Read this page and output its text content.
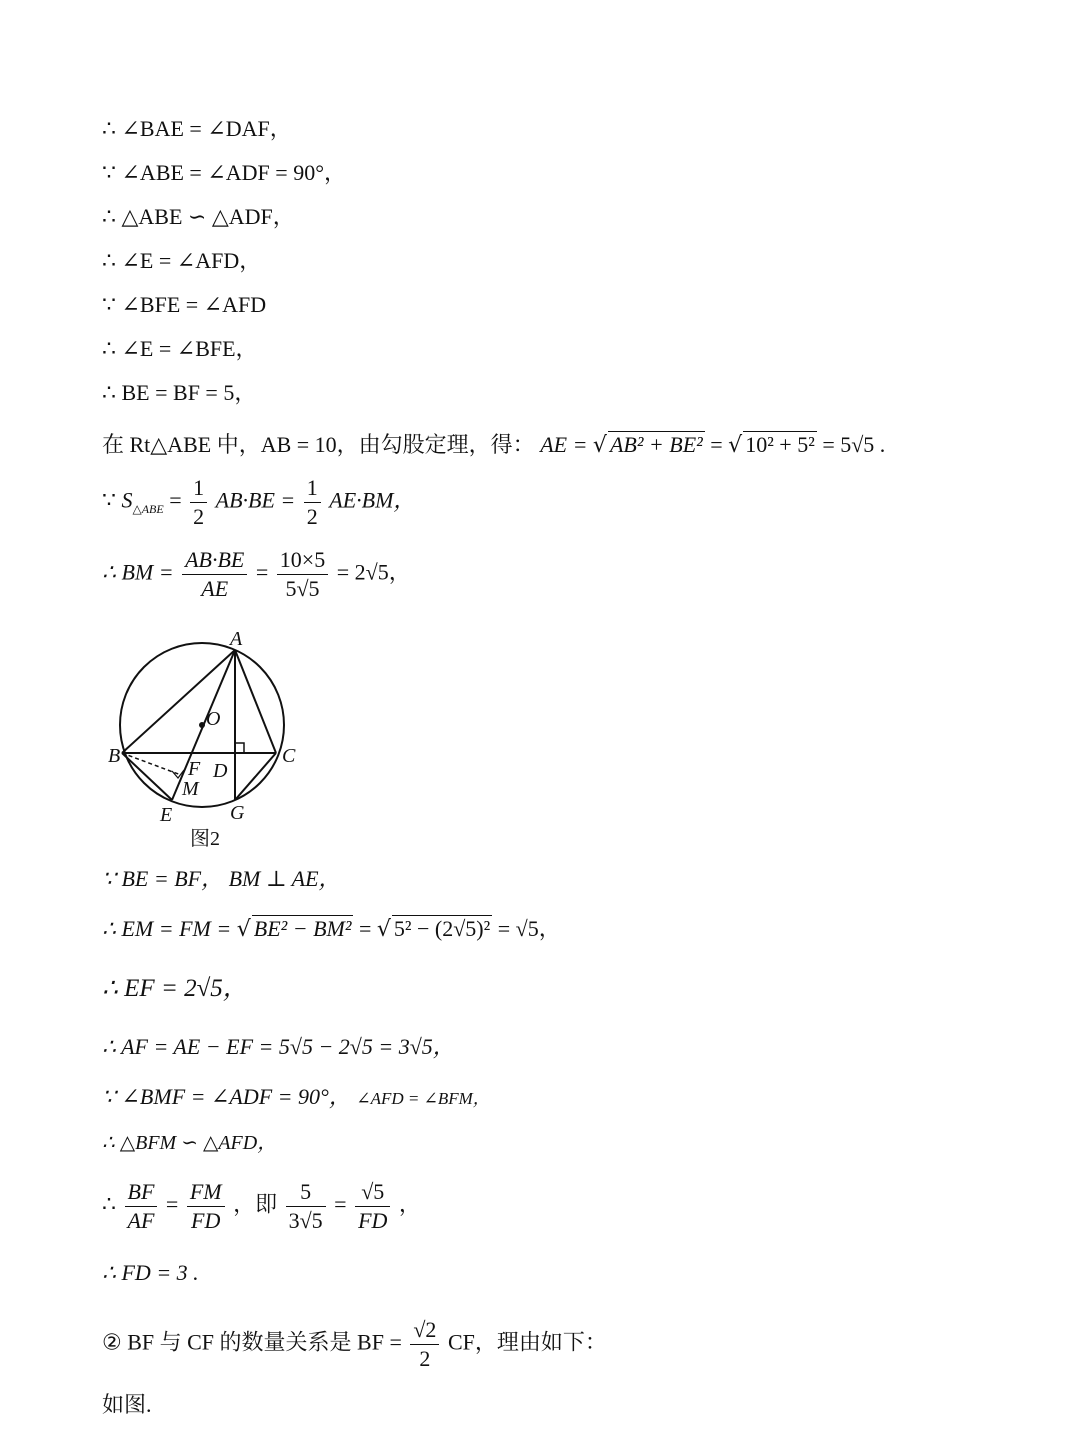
∴ ∠BAE = ∠DAF，
∵ ∠ABE = ∠ADF = 90°，
∴ △ABE ∽ △ADF，
∴ ∠E = ∠AFD，
∵ ∠BFE = ∠AFD
∴ ∠E = ∠BFE，
∴ BE = BF = 5，
在 Rt△ABE 中，AB = 10，由勾股定理，得： AE = √ AB² + BE² = √ 10² + 5² = 5√5 .
∵ $S_{\triangle ABE} = \frac{1}{2} AB\cdot BE = \frac{1}{2} AE\cdot BM$，
∴ BM = $\frac{AB\cdot BE}{AE} = \frac{10\times 5}{5√5} = 2√5$，
A
O
B	C
D
F
M
E	G
图2
∵ BE = BF， BM ⊥ AE，
∴ EM = FM = √ BE² − BM² = √ 5² − (2√5)² = √5，
∴ EF = 2√5，
∴ AF = AE − EF = 5√5 − 2√5 = 3√5，
∵ ∠BMF = ∠ADF = 90°， ∠AFD = ∠BFM，
∴ △BFM ∽ △AFD，
∴ $\frac{BF}{AF} = \frac{FM}{FD}$ ，即 $\frac{5}{3√5} = \frac{√5}{FD}$ ，
∴ FD = 3 .
② BF 与 CF 的数量关系是 BF = $\frac{√2}{2}$ CF，理由如下：
如图.
